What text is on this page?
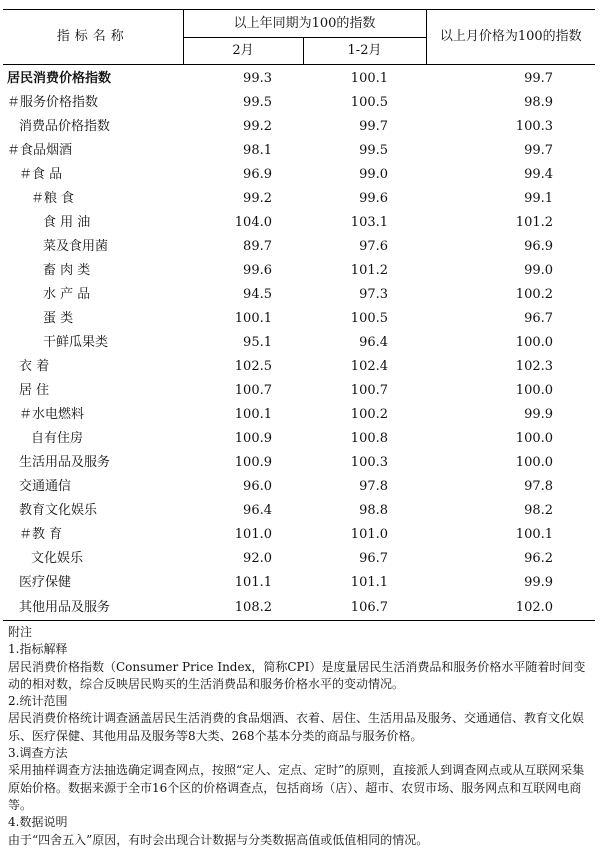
指标名称	以上年同期为100的指数		以上月价格为100的指数
	2月	1-2月	
居民消费价格指数	99.3	100.1	99.7
＃服务价格指数	99.5	100.5	98.9
消费品价格指数	99.2	99.7	100.3
＃食品烟酒	98.1	99.5	99.7
＃食 品	96.9	99.0	99.4
＃粮 食	99.2	99.6	99.1
食 用 油	104.0	103.1	101.2
菜及食用菌	89.7	97.6	96.9
畜 肉 类	99.6	101.2	99.0
水 产 品	94.5	97.3	100.2
蛋 类	100.1	100.5	96.7
干鲜瓜果类	95.1	96.4	100.0
衣 着	102.5	102.4	102.3
居 住	100.7	100.7	100.0
＃水电燃料	100.1	100.2	99.9
自有住房	100.9	100.8	100.0
生活用品及服务	100.9	100.3	100.0
交通通信	96.0	97.8	97.8
教育文化娱乐	96.4	98.8	98.2
＃教 育	101.0	101.0	100.1
文化娱乐	92.0	96.7	96.2
医疗保健	101.1	101.1	99.9
其他用品及服务	108.2	106.7	102.0

附注

1.指标解释

居民消费价格指数（Consumer Price Index，简称CPI）是度量居民生活消费品和服务价格水平随着时间变动的相对数，综合反映居民购买的生活消费品和服务价格水平的变动情况。

2.统计范围

居民消费价格统计调查涵盖居民生活消费的食品烟酒、衣着、居住、生活用品及服务、交通通信、教育文化娱乐、医疗保健、其他用品及服务等8大类、268个基本分类的商品与服务价格。

3.调查方法

采用抽样调查方法抽选确定调查网点，按照“定人、定点、定时”的原则，直接派人到调查网点或从互联网采集原始价格。数据来源于全市16个区的价格调查点，包括商场（店）、超市、农贸市场、服务网点和互联网电商等。

4.数据说明

由于“四舍五入”原因，有时会出现合计数据与分类数据高值或低值相同的情况。
